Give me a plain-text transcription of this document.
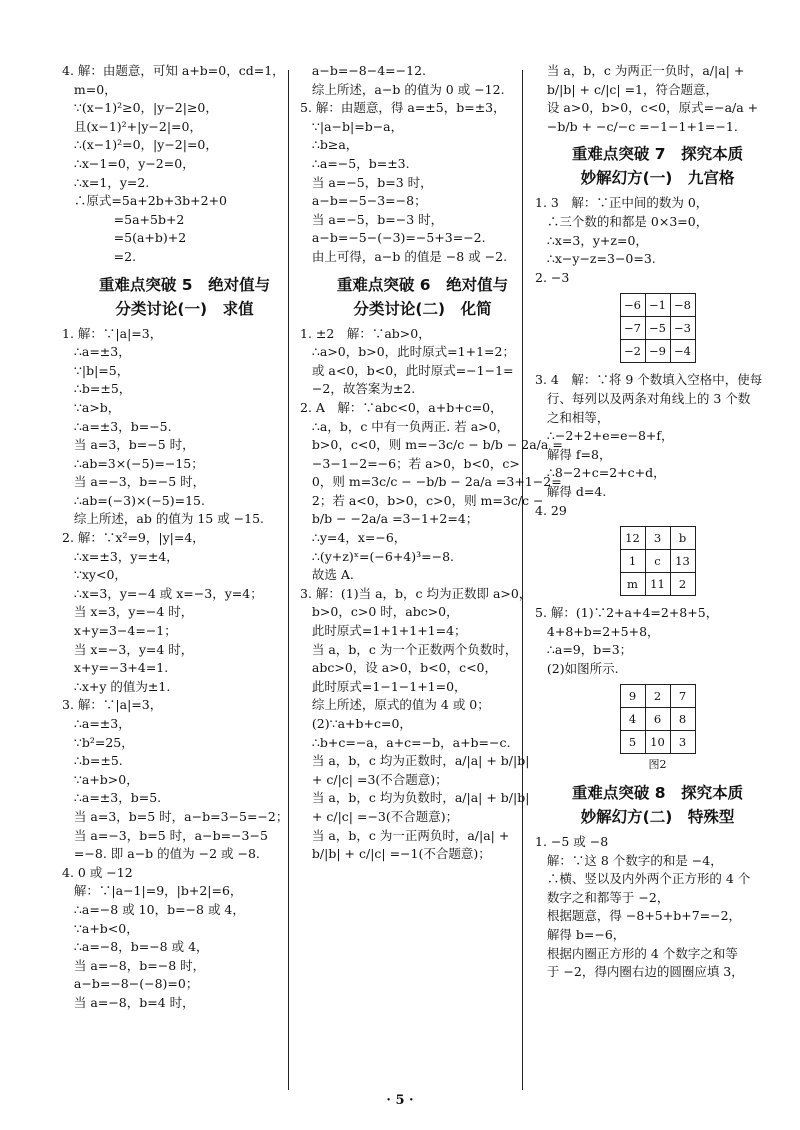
4. 解：由题意，可知 a+b=0，cd=1，
m=0，
∵(x−1)²≥0，|y−2|≥0，
且(x−1)²+|y−2|=0，
∴(x−1)²=0，|y−2|=0，
∴x−1=0，y−2=0，
∴x=1，y=2.
∴原式=5a+2b+3b+2+0
=5a+5b+2
=5(a+b)+2
=2.
重难点突破 5　绝对值与
分类讨论(一)　求值
1. 解：∵|a|=3，
∴a=±3，
∵|b|=5，
∴b=±5，
∵a>b，
∴a=±3，b=−5.
当 a=3，b=−5 时，
∴ab=3×(−5)=−15；
当 a=−3，b=−5 时，
∴ab=(−3)×(−5)=15.
综上所述，ab 的值为 15 或 −15.
2. 解：∵x²=9，|y|=4，
∴x=±3，y=±4，
∵xy<0，
∴x=3，y=−4 或 x=−3，y=4；
当 x=3，y=−4 时，
x+y=3−4=−1；
当 x=−3，y=4 时，
x+y=−3+4=1.
∴x+y 的值为±1.
3. 解：∵|a|=3，
∴a=±3，
∵b²=25，
∴b=±5.
∵a+b>0，
∴a=±3，b=5.
当 a=3，b=5 时，a−b=3−5=−2；
当 a=−3，b=5 时，a−b=−3−5
=−8. 即 a−b 的值为 −2 或 −8.
4. 0 或 −12
解：∵|a−1|=9，|b+2|=6，
∴a=−8 或 10，b=−8 或 4，
∵a+b<0，
∴a=−8，b=−8 或 4，
当 a=−8，b=−8 时，
a−b=−8−(−8)=0；
当 a=−8，b=4 时，
a−b=−8−4=−12.
综上所述，a−b 的值为 0 或 −12.
5. 解：由题意，得 a=±5，b=±3，
∵|a−b|=b−a，
∴b≥a，
∴a=−5，b=±3.
当 a=−5，b=3 时，
a−b=−5−3=−8；
当 a=−5，b=−3 时，
a−b=−5−(−3)=−5+3=−2.
由上可得，a−b 的值是 −8 或 −2.
重难点突破 6　绝对值与
分类讨论(二)　化简
1. ±2　解：∵ab>0，
∴a>0，b>0，此时原式=1+1=2；
或 a<0，b<0，此时原式=−1−1=
−2，故答案为±2.
2. A　解：∵abc<0，a+b+c=0，
∴a，b，c 中有一负两正. 若 a>0，
b>0，c<0，则 m=−3c/c − b/b − 2a/a =
−3−1−2=−6；若 a>0，b<0，c>
0，则 m=3c/c − −b/b − 2a/a =3+1−2=
2；若 a<0，b>0，c>0，则 m=3c/c −
b/b − −2a/a =3−1+2=4；
∴y=4，x=−6，
∴(y+z)ˣ=(−6+4)³=−8.
故选 A.
3. 解：(1)当 a，b，c 均为正数即 a>0，
b>0，c>0 时，abc>0，
此时原式=1+1+1+1=4；
当 a，b，c 为一个正数两个负数时，
abc>0，设 a>0，b<0，c<0，
此时原式=1−1−1+1=0，
综上所述，原式的值为 4 或 0；
(2)∵a+b+c=0，
∴b+c=−a，a+c=−b，a+b=−c.
当 a，b，c 均为正数时，a/|a| + b/|b|
+ c/|c| =3(不合题意)；
当 a，b，c 均为负数时，a/|a| + b/|b|
+ c/|c| =−3(不合题意)；
当 a，b，c 为一正两负时，a/|a| +
b/|b| + c/|c| =−1(不合题意)；
当 a，b，c 为两正一负时，a/|a| +
b/|b| + c/|c| =1，符合题意，
设 a>0，b>0，c<0，原式=−a/a +
−b/b + −c/−c =−1−1+1=−1.
重难点突破 7　探究本质
妙解幻方(一)　九宫格
1. 3　解：∵正中间的数为 0，
∴三个数的和都是 0×3=0，
∴x=3，y+z=0，
∴x−y−z=3−0=3.
2. −3
−6	−1	−8
−7	−5	−3
−2	−9	−4
3. 4　解：∵将 9 个数填入空格中，使每
行、每列以及两条对角线上的 3 个数
之和相等，
∴−2+2+e=e−8+f，
解得 f=8，
∴8−2+c=2+c+d，
解得 d=4.
4. 29
12	3	b
1	c	13
m	11	2
5. 解：(1)∵2+a+4=2+8+5，
4+8+b=2+5+8，
∴a=9，b=3；
(2)如图所示.
9	2	7
4	6	8
5	10	3
图2
重难点突破 8　探究本质
妙解幻方(二)　特殊型
1. −5 或 −8
解：∵这 8 个数字的和是 −4，
∴横、竖以及内外两个正方形的 4 个
数字之和都等于 −2，
根据题意，得 −8+5+b+7=−2，
解得 b=−6，
根据内圈正方形的 4 个数字之和等
于 −2，得内圈右边的圆圈应填 3，
· 5 ·
